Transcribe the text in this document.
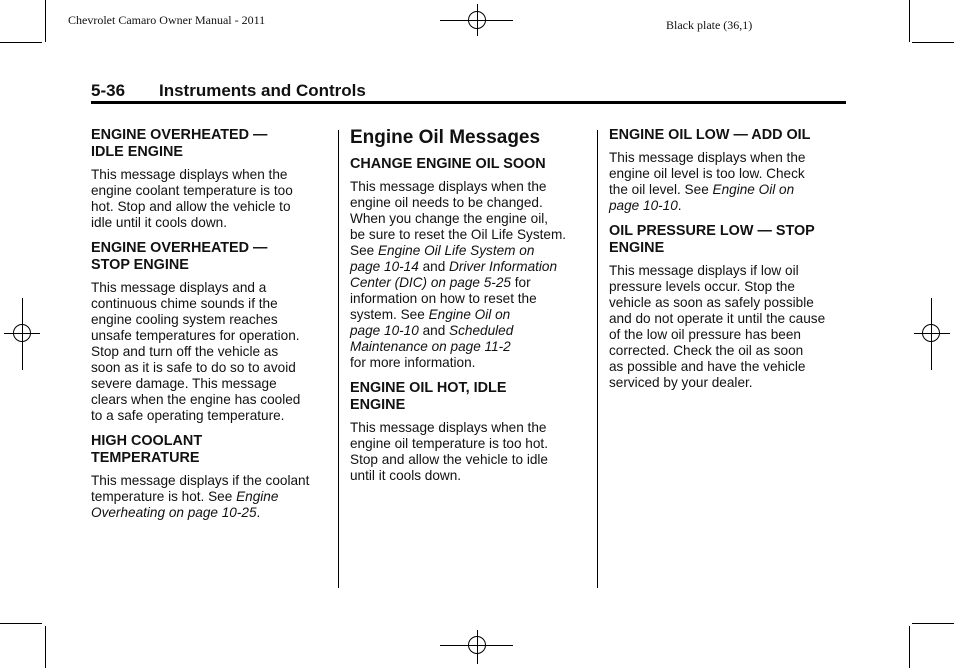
Chevrolet Camaro Owner Manual - 2011	Black plate (36,1)
5-36 Instruments and Controls
ENGINE OVERHEATED —
IDLE ENGINE

This message displays when the
engine coolant temperature is too
hot. Stop and allow the vehicle to
idle until it cools down.

ENGINE OVERHEATED —
STOP ENGINE

This message displays and a
continuous chime sounds if the
engine cooling system reaches
unsafe temperatures for operation.
Stop and turn off the vehicle as
soon as it is safe to do so to avoid
severe damage. This message
clears when the engine has cooled
to a safe operating temperature.

HIGH COOLANT
TEMPERATURE

This message displays if the coolant
temperature is hot. See Engine
Overheating on page 10-25.

Engine Oil Messages
CHANGE ENGINE OIL SOON

This message displays when the
engine oil needs to be changed.
When you change the engine oil,
be sure to reset the Oil Life System.
See Engine Oil Life System on
page 10-14 and Driver Information
Center (DIC) on page 5-25 for
information on how to reset the
system. See Engine Oil on
page 10-10 and Scheduled
Maintenance on page 11-2
for more information.

ENGINE OIL HOT, IDLE
ENGINE

This message displays when the
engine oil temperature is too hot.
Stop and allow the vehicle to idle
until it cools down.

ENGINE OIL LOW — ADD OIL

This message displays when the
engine oil level is too low. Check
the oil level. See Engine Oil on
page 10-10.

OIL PRESSURE LOW — STOP
ENGINE

This message displays if low oil
pressure levels occur. Stop the
vehicle as soon as safely possible
and do not operate it until the cause
of the low oil pressure has been
corrected. Check the oil as soon
as possible and have the vehicle
serviced by your dealer.
